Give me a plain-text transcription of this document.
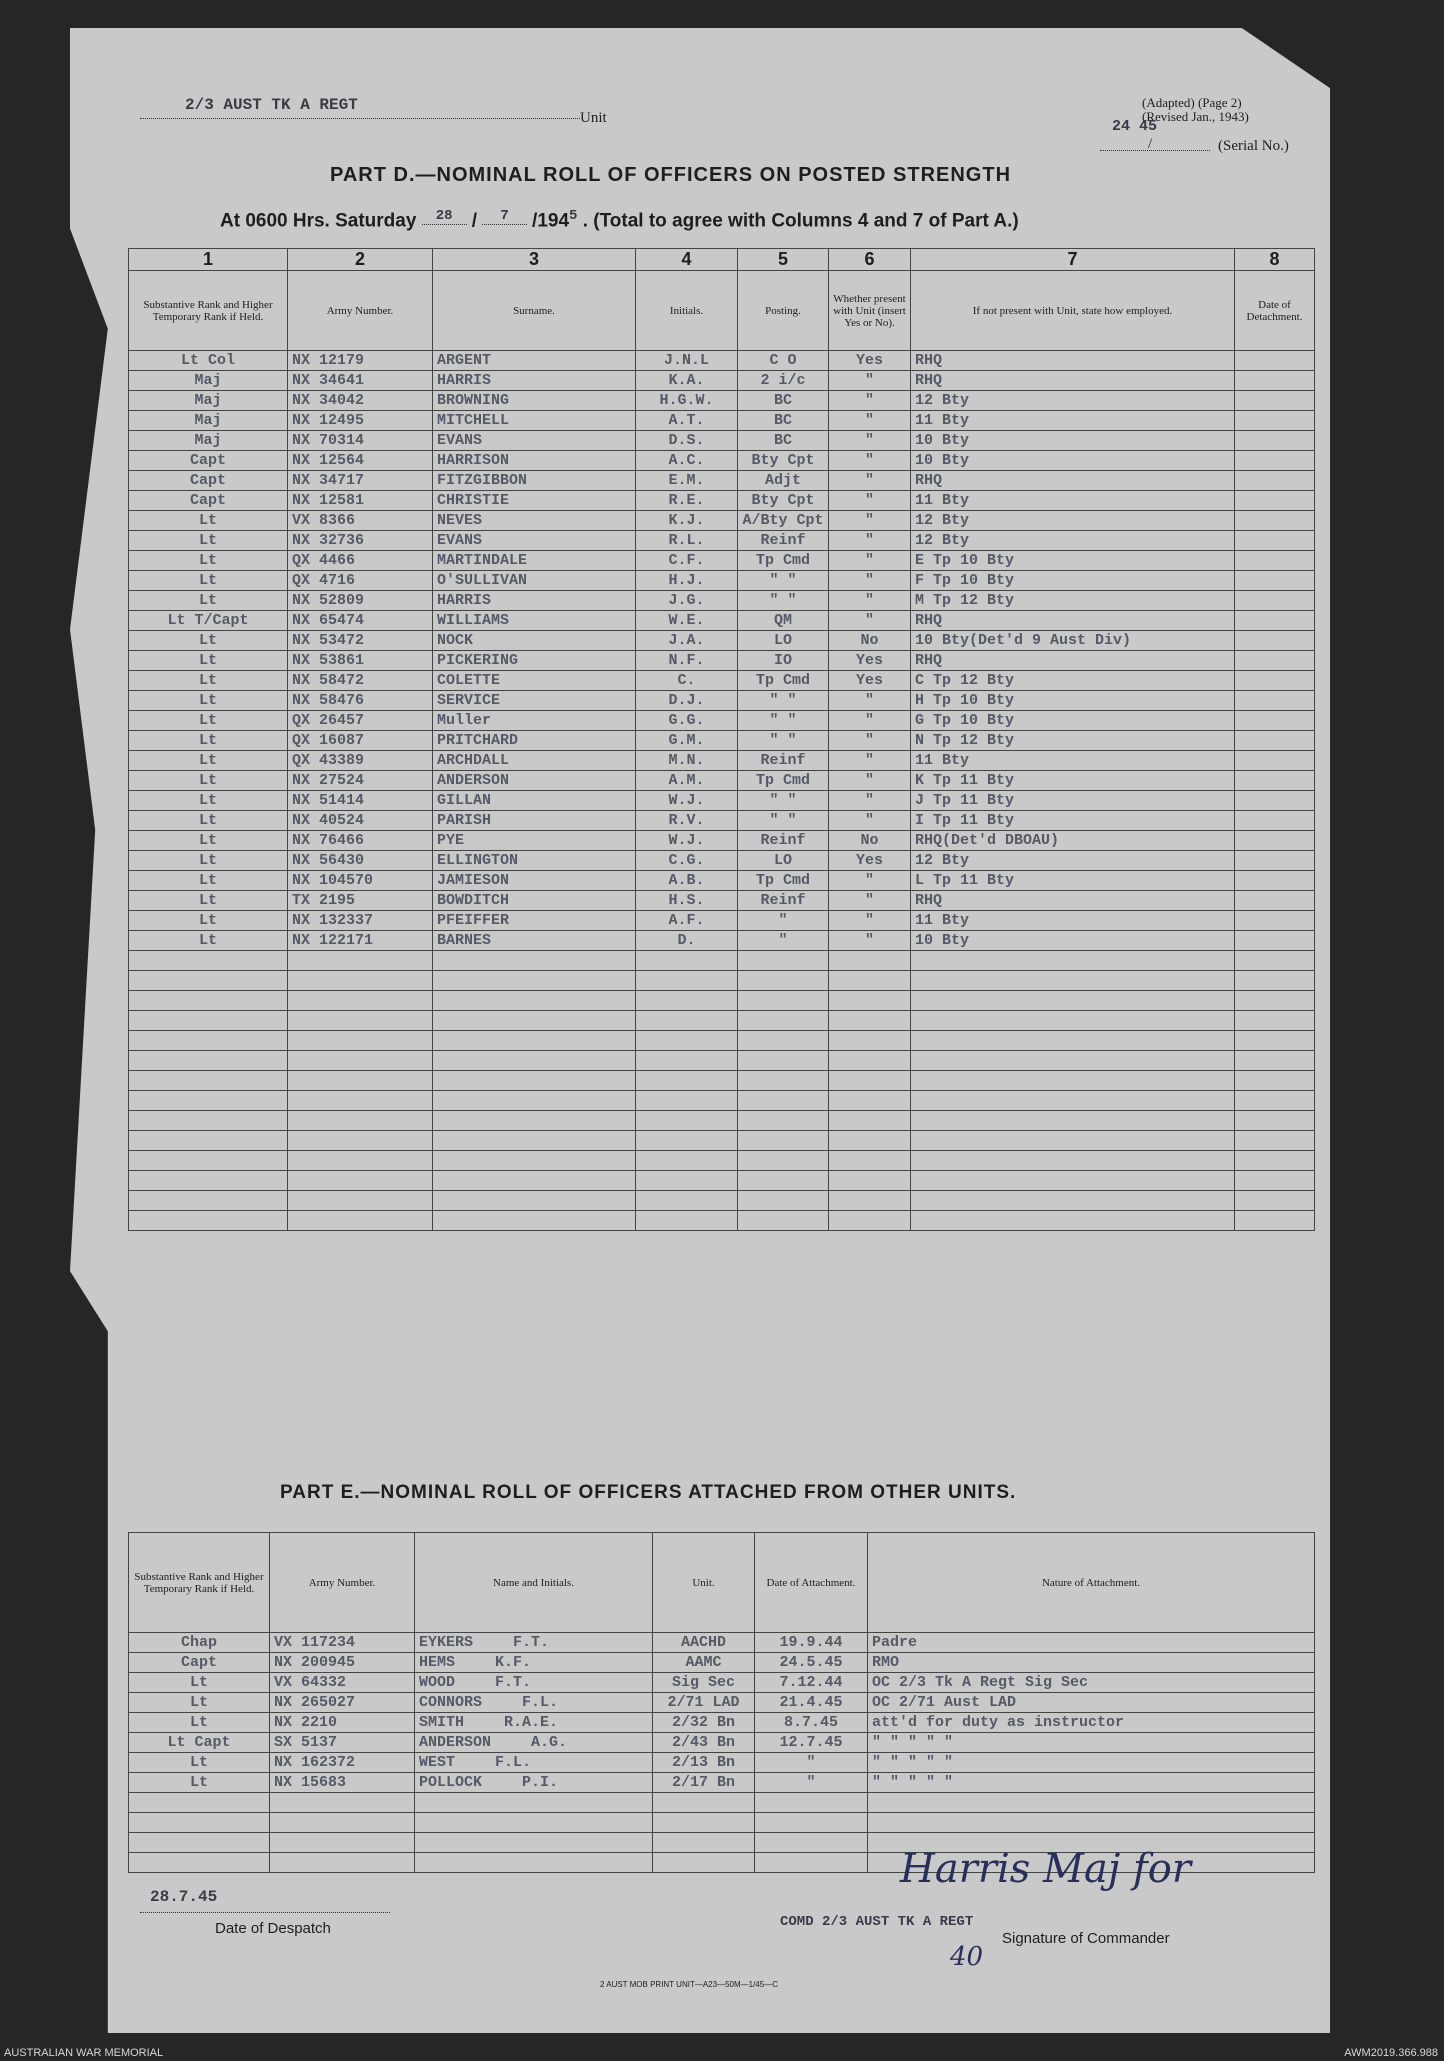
2/3 AUST TK A REGT
Unit
(Adapted) (Page 2)
(Revised Jan., 1943)
24 45
/	(Serial No.)
PART D.—NOMINAL ROLL OF OFFICERS ON POSTED STRENGTH
At 0600 Hrs. Saturday $^{28}$ / $^7$ $/194^5$ . (Total to agree with Columns 4 and 7 of Part A.)
1	2	3	4	5	6	7	8
Substantive Rank and Higher Temporary Rank if Held.	Army Number.	Surname.	Initials.	Posting.	Whether present with Unit (insert Yes or No).	If not present with Unit, state how employed.	Date of Detachment.
Lt Col	NX 12179	ARGENT	J.N.L	C O	Yes	RHQ	
Maj	NX 34641	HARRIS	K.A.	2 i/c	"	RHQ	
Maj	NX 34042	BROWNING	H.G.W.	BC	"	12 Bty	
Maj	NX 12495	MITCHELL	A.T.	BC	"	11 Bty	
Maj	NX 70314	EVANS	D.S.	BC	"	10 Bty	
Capt	NX 12564	HARRISON	A.C.	Bty Cpt	"	10 Bty	
Capt	NX 34717	FITZGIBBON	E.M.	Adjt	"	RHQ	
Capt	NX 12581	CHRISTIE	R.E.	Bty Cpt	"	11 Bty	
Lt	VX 8366	NEVES	K.J.	A/Bty Cpt	"	12 Bty	
Lt	NX 32736	EVANS	R.L.	Reinf	"	12 Bty	
Lt	QX 4466	MARTINDALE	C.F.	Tp Cmd	"	E Tp 10 Bty	
Lt	QX 4716	O'SULLIVAN	H.J.	" "	"	F Tp 10 Bty	
Lt	NX 52809	HARRIS	J.G.	" "	"	M Tp 12 Bty	
Lt T/Capt	NX 65474	WILLIAMS	W.E.	QM	"	RHQ	
Lt	NX 53472	NOCK	J.A.	LO	No	10 Bty(Det'd 9 Aust Div)	
Lt	NX 53861	PICKERING	N.F.	IO	Yes	RHQ	
Lt	NX 58472	COLETTE	C.	Tp Cmd	Yes	C Tp 12 Bty	
Lt	NX 58476	SERVICE	D.J.	" "	"	H Tp 10 Bty	
Lt	QX 26457	Muller	G.G.	" "	"	G Tp 10 Bty	
Lt	QX 16087	PRITCHARD	G.M.	" "	"	N Tp 12 Bty	
Lt	QX 43389	ARCHDALL	M.N.	Reinf	"	11 Bty	
Lt	NX 27524	ANDERSON	A.M.	Tp Cmd	"	K Tp 11 Bty	
Lt	NX 51414	GILLAN	W.J.	" "	"	J Tp 11 Bty	
Lt	NX 40524	PARISH	R.V.	" "	"	I Tp 11 Bty	
Lt	NX 76466	PYE	W.J.	Reinf	No	RHQ(Det'd DBOAU)	
Lt	NX 56430	ELLINGTON	C.G.	LO	Yes	12 Bty	
Lt	NX 104570	JAMIESON	A.B.	Tp Cmd	"	L Tp 11 Bty	
Lt	TX 2195	BOWDITCH	H.S.	Reinf	"	RHQ	
Lt	NX 132337	PFEIFFER	A.F.	"	"	11 Bty	
Lt	NX 122171	BARNES	D.	"	"	10 Bty	

PART E.—NOMINAL ROLL OF OFFICERS ATTACHED FROM OTHER UNITS.
Substantive Rank and Higher Temporary Rank if Held.	Army Number.	Name and Initials.	Unit.	Date of Attachment.	Nature of Attachment.
Chap	VX 117234	EYKERS F.T.	AACHD	19.9.44	Padre
Capt	NX 200945	HEMS K.F.	AAMC	24.5.45	RMO
Lt	VX 64332	WOOD F.T.	Sig Sec	7.12.44	OC 2/3 Tk A Regt Sig Sec
Lt	NX 265027	CONNORS F.L.	2/71 LAD	21.4.45	OC 2/71 Aust LAD
Lt	NX 2210	SMITH R.A.E.	2/32 Bn	8.7.45	att'd for duty as instructor
Lt Capt	SX 5137	ANDERSON A.G.	2/43 Bn	12.7.45	" " " " "
Lt	NX 162372	WEST F.L.	2/13 Bn	"	" " " " "
Lt	NX 15683	POLLOCK P.I.	2/17 Bn	"	" " " " "

28.7.45
Date of Despatch
Harris Maj for
COMD 2/3 AUST TK A REGT
Signature of Commander
40
2 AUST MOB PRINT UNIT—A23—50M—1/45—C
AUSTRALIAN WAR MEMORIAL	AWM2019.366.988
